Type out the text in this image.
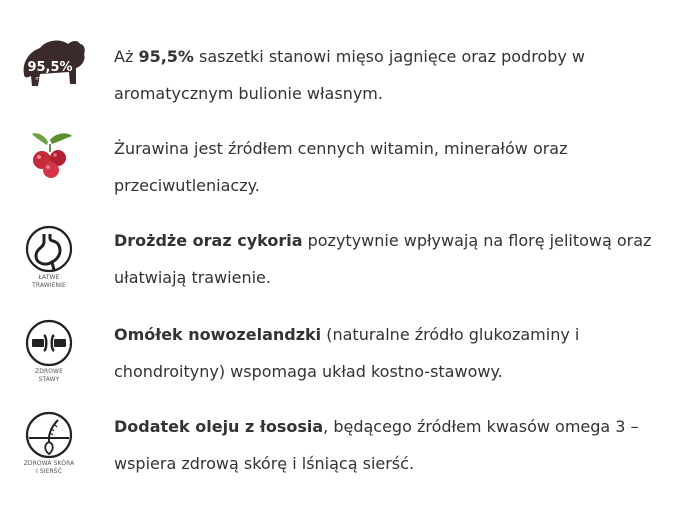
95,5%
meat & broth

Aż 95,5% saszetki stanowi mięso jagnięce oraz podroby w aromatycznym bulionie własnym.

Żurawina jest źródłem cennych witamin, minerałów oraz przeciwutleniaczy.

ŁATWE
TRAWIENIE

Drożdże oraz cykoria pozytywnie wpływają na florę jelitową oraz ułatwiają trawienie.

ZDROWE
STAWY

Omółek nowozelandzki (naturalne źródło glukozaminy i chondroityny) wspomaga układ kostno-stawowy.

ZDROWA SKÓRA
I SIERŚĆ

Dodatek oleju z łososia, będącego źródłem kwasów omega 3 – wspiera zdrową skórę i lśniącą sierść.
